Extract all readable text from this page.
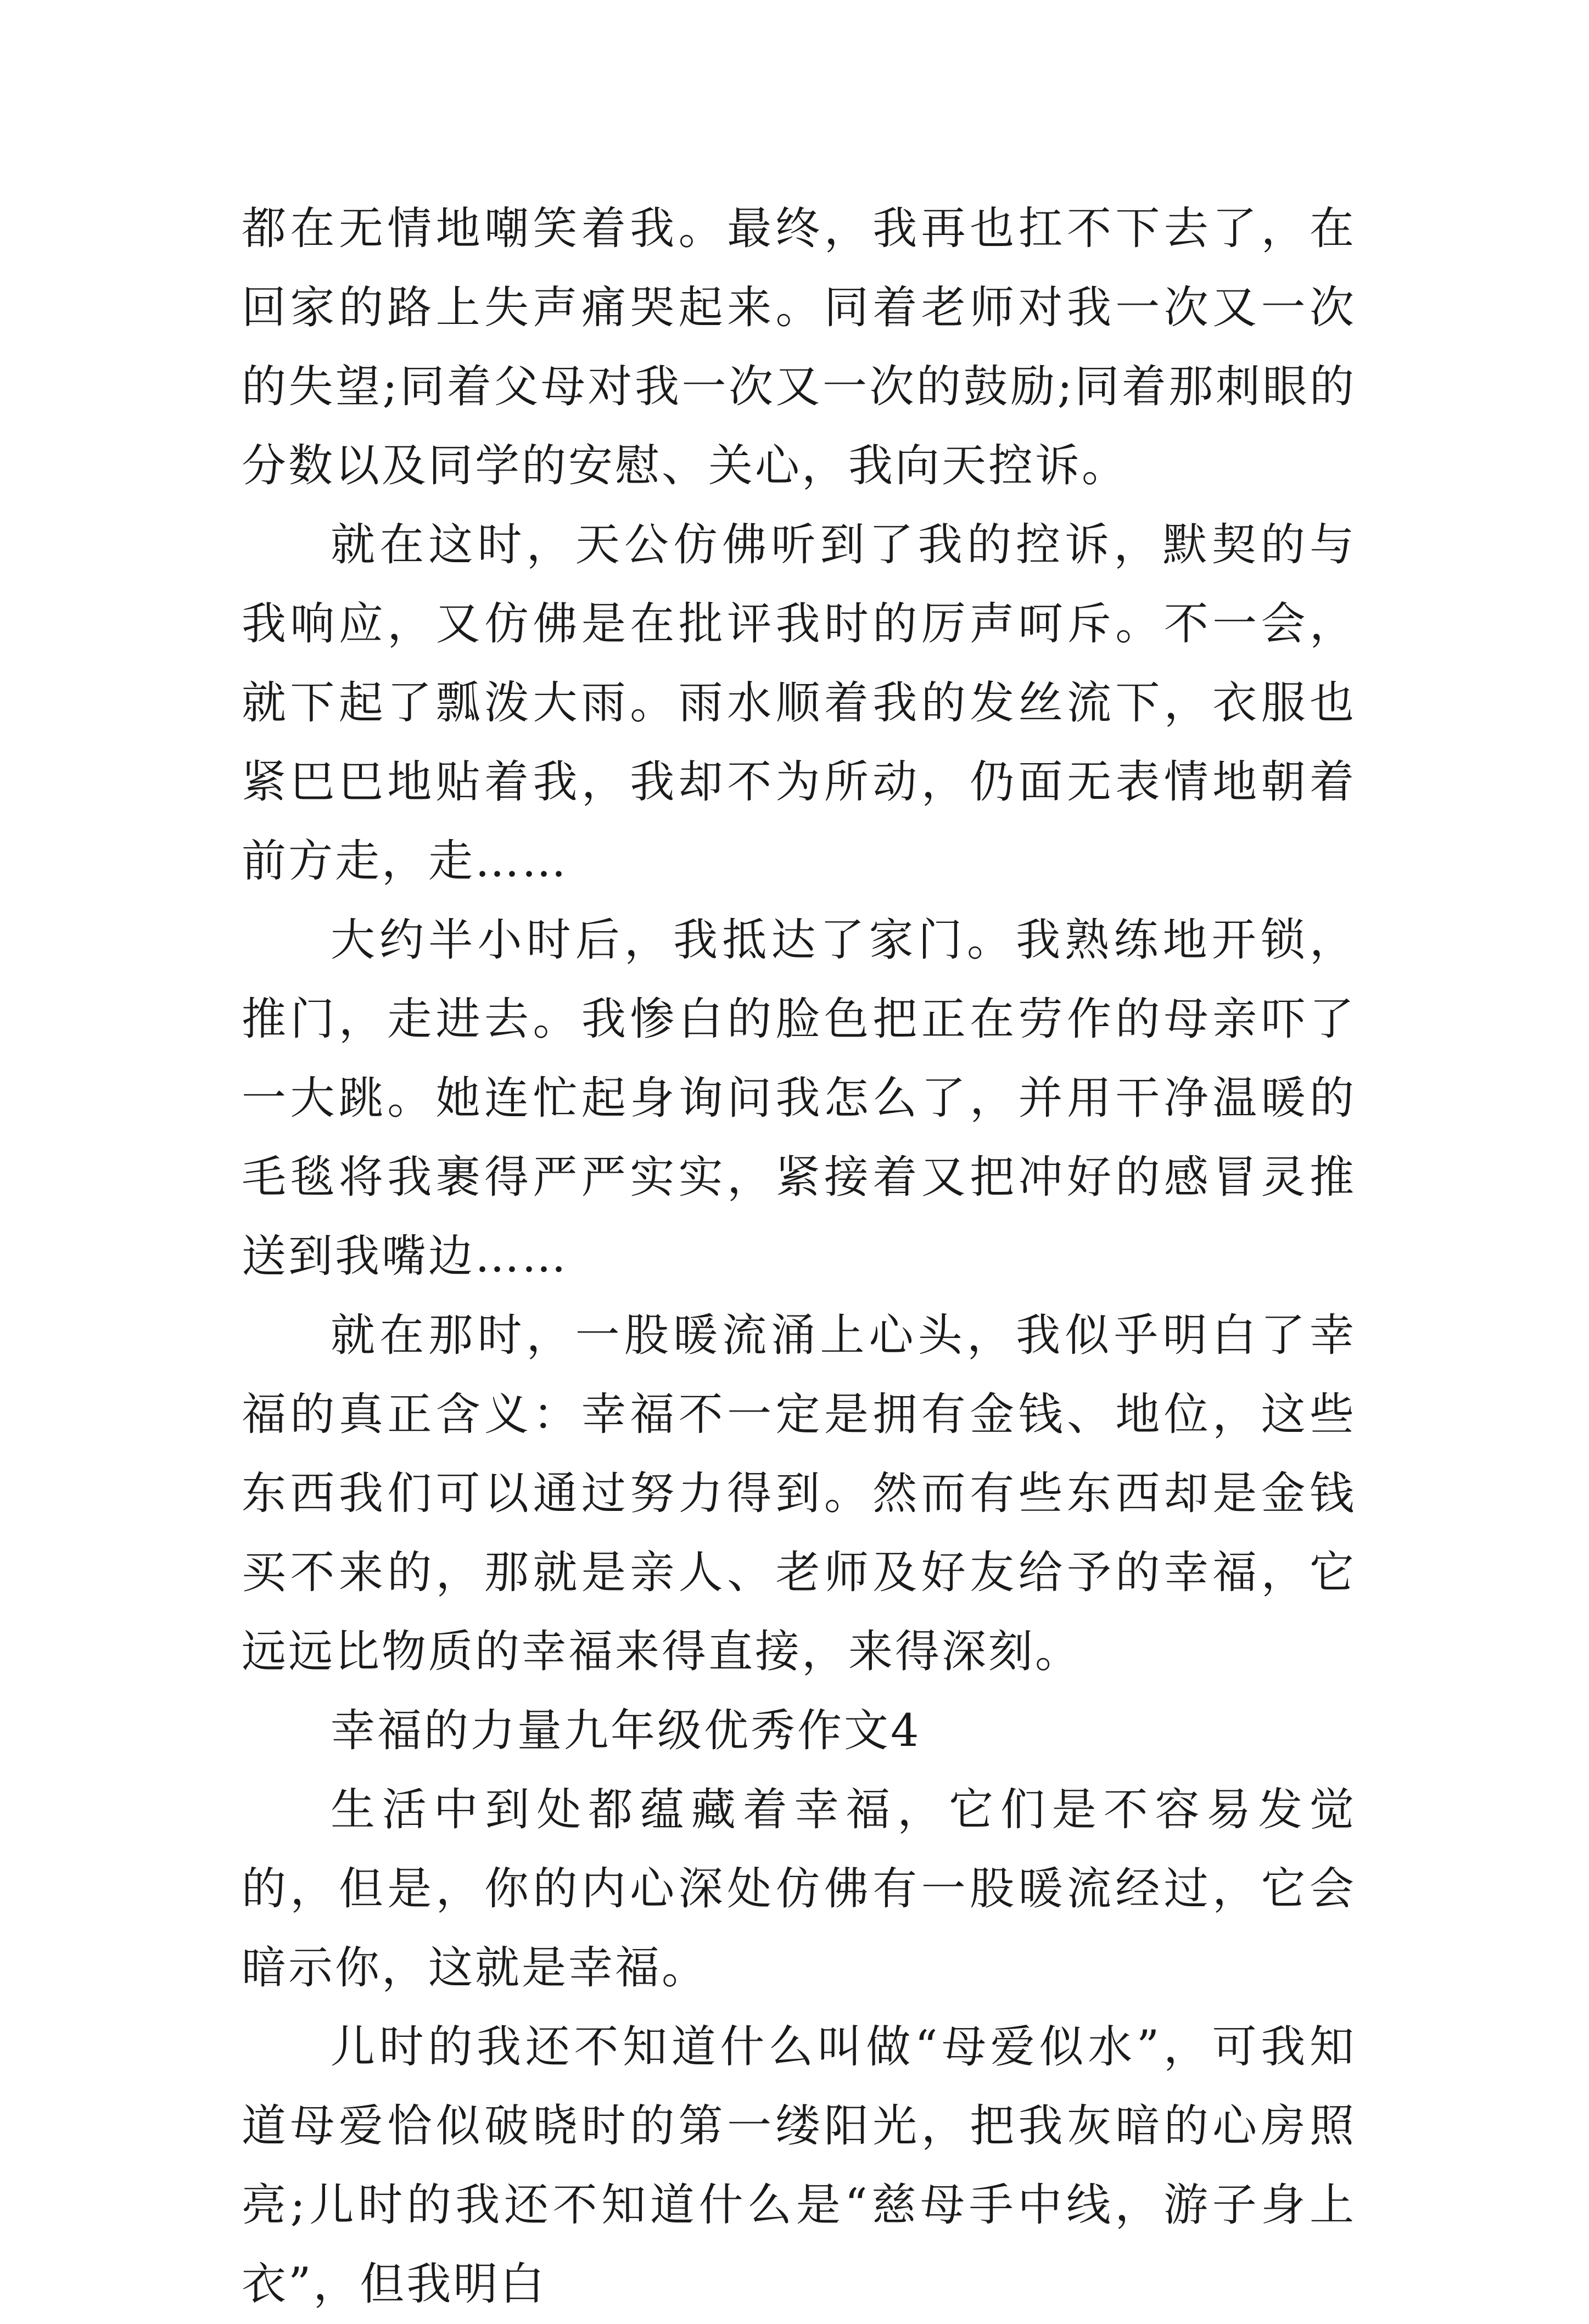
都在无情地嘲笑着我。最终，我再也扛不下去了，在回家的路上失声痛哭起来。同着老师对我一次又一次的失望;同着父母对我一次又一次的鼓励;同着那刺眼的分数以及同学的安慰、关心，我向天控诉。

就在这时，天公仿佛听到了我的控诉，默契的与我响应，又仿佛是在批评我时的厉声呵斥。不一会，就下起了瓢泼大雨。雨水顺着我的发丝流下，衣服也紧巴巴地贴着我，我却不为所动，仍面无表情地朝着前方走，走……

大约半小时后，我抵达了家门。我熟练地开锁，推门，走进去。我惨白的脸色把正在劳作的母亲吓了一大跳。她连忙起身询问我怎么了，并用干净温暖的毛毯将我裹得严严实实，紧接着又把冲好的感冒灵推送到我嘴边……

就在那时，一股暖流涌上心头，我似乎明白了幸福的真正含义：幸福不一定是拥有金钱、地位，这些东西我们可以通过努力得到。然而有些东西却是金钱买不来的，那就是亲人、老师及好友给予的幸福，它远远比物质的幸福来得直接，来得深刻。

幸福的力量九年级优秀作文4

生活中到处都蕴藏着幸福，它们是不容易发觉的，但是，你的内心深处仿佛有一股暖流经过，它会暗示你，这就是幸福。

儿时的我还不知道什么叫做“母爱似水”，可我知道母爱恰似破晓时的第一缕阳光，把我灰暗的心房照亮;儿时的我还不知道什么是“慈母手中线，游子身上衣”，但我明白
